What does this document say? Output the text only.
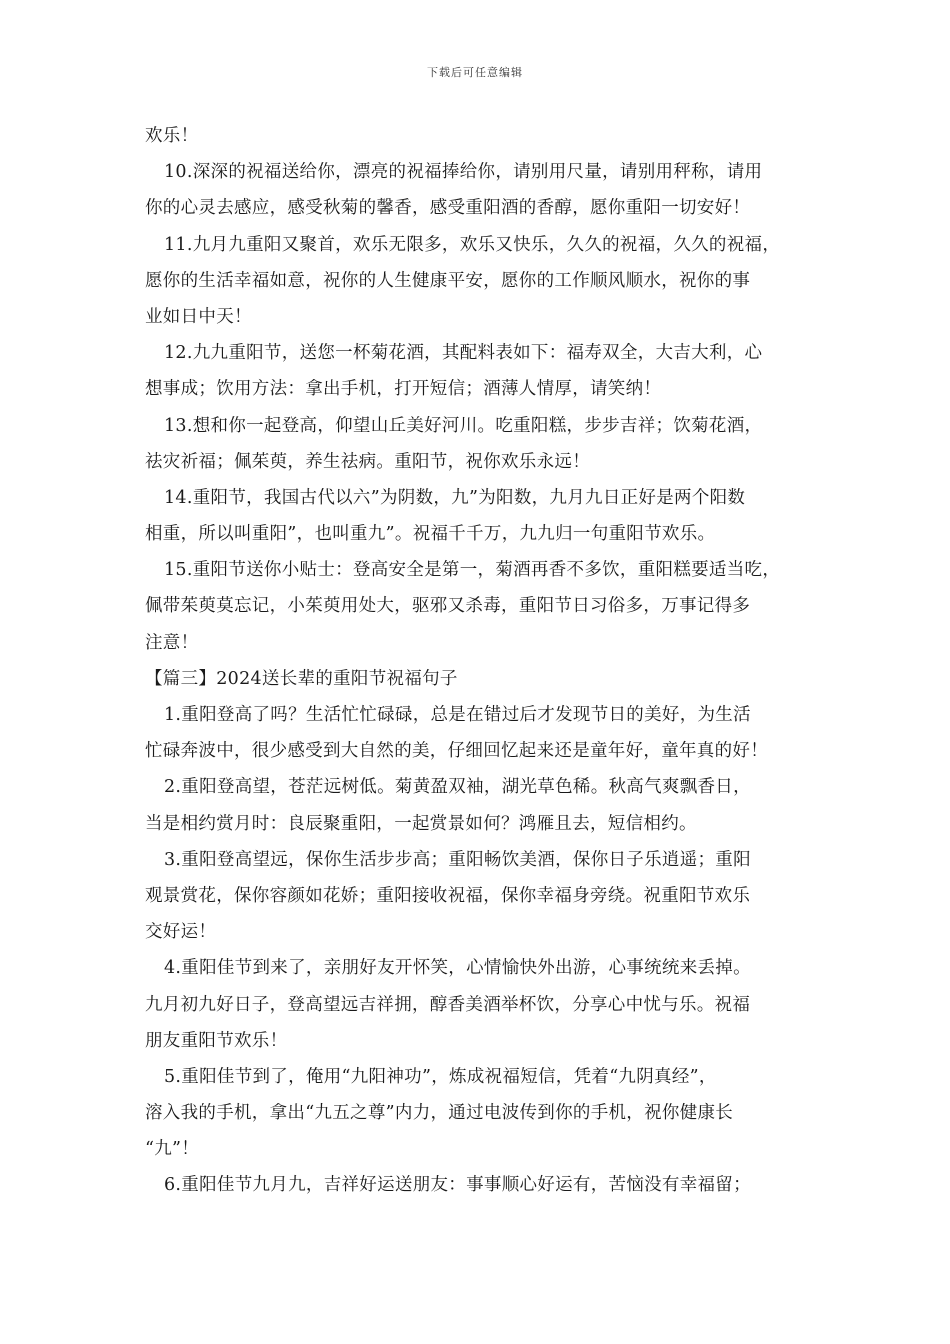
下载后可任意编辑
欢乐！
10.深深的祝福送给你，漂亮的祝福捧给你，请别用尺量，请别用秤称，请用
你的心灵去感应，感受秋菊的馨香，感受重阳酒的香醇，愿你重阳一切安好！
11.九月九重阳又聚首，欢乐无限多，欢乐又快乐，久久的祝福，久久的祝福，
愿你的生活幸福如意，祝你的人生健康平安，愿你的工作顺风顺水，祝你的事
业如日中天！
12.九九重阳节，送您一杯菊花酒，其配料表如下：福寿双全，大吉大利，心
想事成；饮用方法：拿出手机，打开短信；酒薄人情厚，请笑纳！
13.想和你一起登高，仰望山丘美好河川。吃重阳糕，步步吉祥；饮菊花酒，
祛灾祈福；佩茱萸，养生祛病。重阳节，祝你欢乐永远！
14.重阳节，我国古代以六”为阴数，九”为阳数，九月九日正好是两个阳数
相重，所以叫重阳”，也叫重九”。祝福千千万，九九归一句重阳节欢乐。
15.重阳节送你小贴士：登高安全是第一，菊酒再香不多饮，重阳糕要适当吃，
佩带茱萸莫忘记，小茱萸用处大，驱邪又杀毒，重阳节日习俗多，万事记得多
注意！
【篇三】2024送长辈的重阳节祝福句子
1.重阳登高了吗？生活忙忙碌碌，总是在错过后才发现节日的美好，为生活
忙碌奔波中，很少感受到大自然的美，仔细回忆起来还是童年好，童年真的好！
2.重阳登高望，苍茫远树低。菊黄盈双袖，湖光草色稀。秋高气爽飘香日，
当是相约赏月时：良辰聚重阳，一起赏景如何？鸿雁且去，短信相约。
3.重阳登高望远，保你生活步步高；重阳畅饮美酒，保你日子乐逍遥；重阳
观景赏花，保你容颜如花娇；重阳接收祝福，保你幸福身旁绕。祝重阳节欢乐
交好运！
4.重阳佳节到来了，亲朋好友开怀笑，心情愉快外出游，心事统统来丢掉。
九月初九好日子，登高望远吉祥拥，醇香美酒举杯饮，分享心中忧与乐。祝福
朋友重阳节欢乐！
5.重阳佳节到了，俺用“九阳神功”，炼成祝福短信，凭着“九阴真经”，
溶入我的手机，拿出“九五之尊”内力，通过电波传到你的手机，祝你健康长
“九”！
6.重阳佳节九月九，吉祥好运送朋友：事事顺心好运有，苦恼没有幸福留；
